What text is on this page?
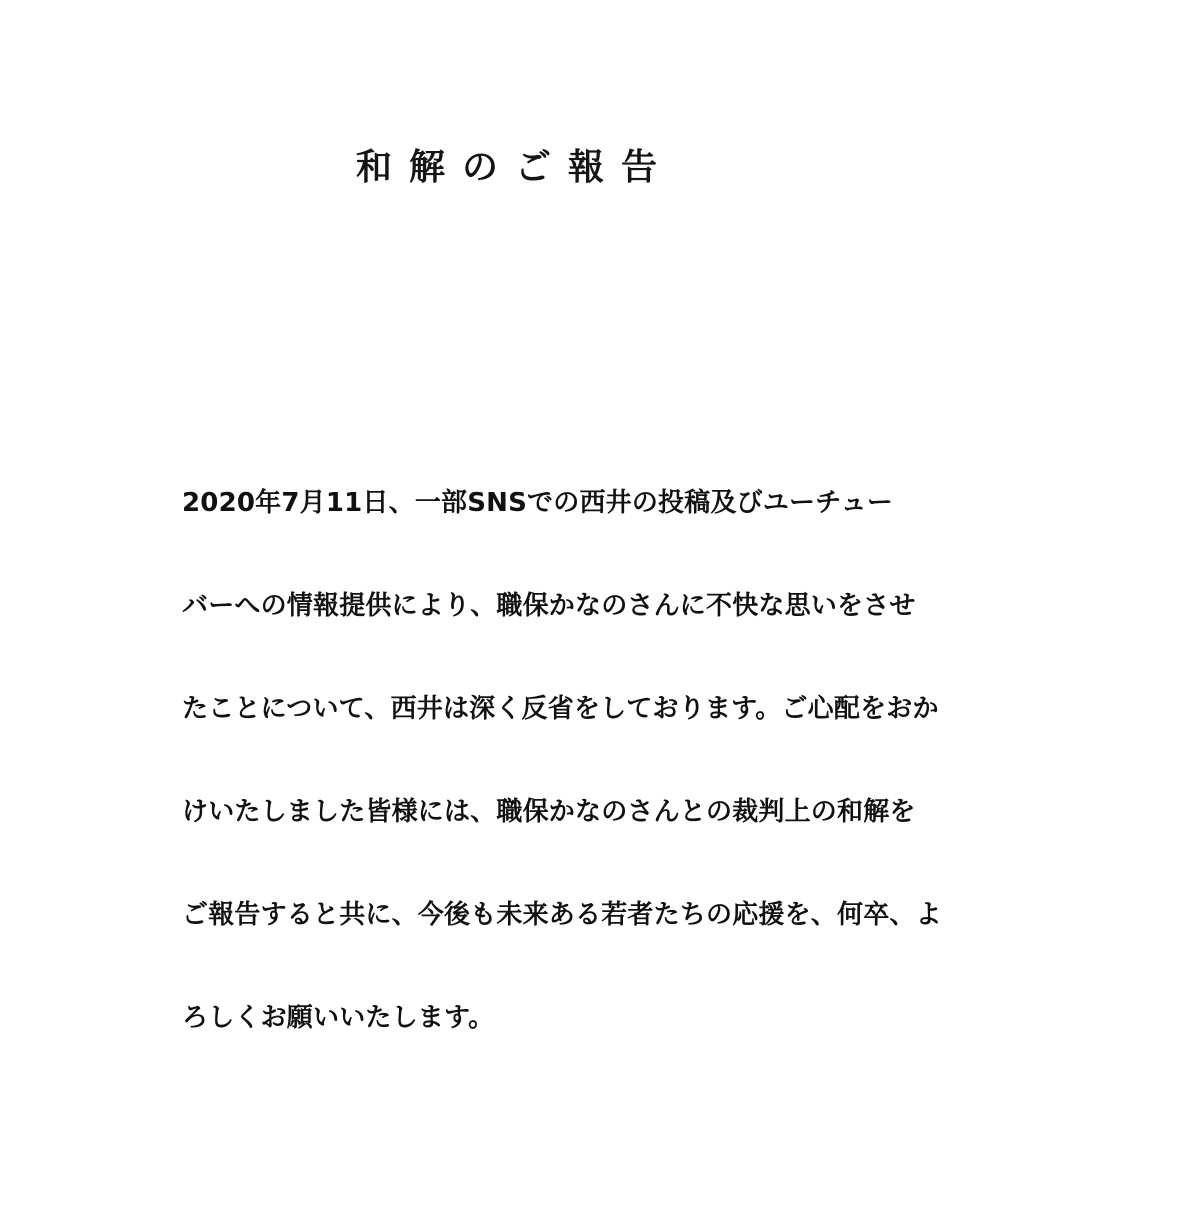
和解のご報告
2020年7月11日、一部SNSでの西井の投稿及びユーチュー
バーへの情報提供により、職保かなのさんに不快な思いをさせ
たことについて、西井は深く反省をしております。ご心配をおか
けいたしました皆様には、職保かなのさんとの裁判上の和解を
ご報告すると共に、今後も未来ある若者たちの応援を、何卒、よ
ろしくお願いいたします。
